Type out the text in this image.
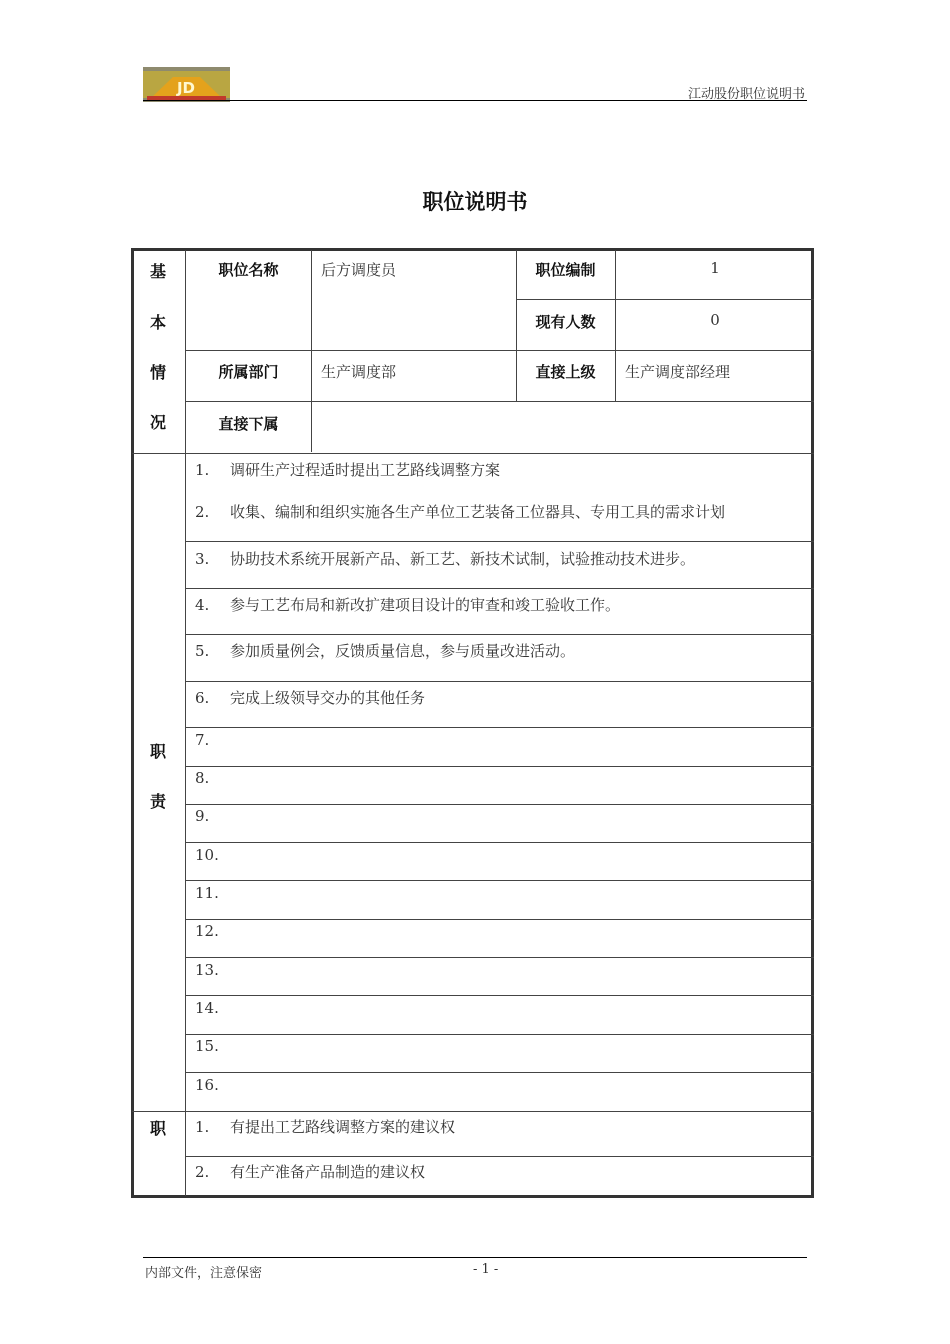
JD	江动股份职位说明书
职位说明书
基
本
情
况
职位名称	后方调度员	职位编制	1
现有人数	0
所属部门	生产调度部	直接上级	生产调度部经理
直接下属
职
责
1. 调研生产过程适时提出工艺路线调整方案
2. 收集、编制和组织实施各生产单位工艺装备工位器具、专用工具的需求计划
3. 协助技术系统开展新产品、新工艺、新技术试制，试验推动技术进步。
4. 参与工艺布局和新改扩建项目设计的审查和竣工验收工作。
5. 参加质量例会，反馈质量信息，参与质量改进活动。
6. 完成上级领导交办的其他任务
7.
8.
9.
10.
11.
12.
13.
14.
15.
16.
职 1. 有提出工艺路线调整方案的建议权
2. 有生产准备产品制造的建议权
内部文件，注意保密	- 1 -
